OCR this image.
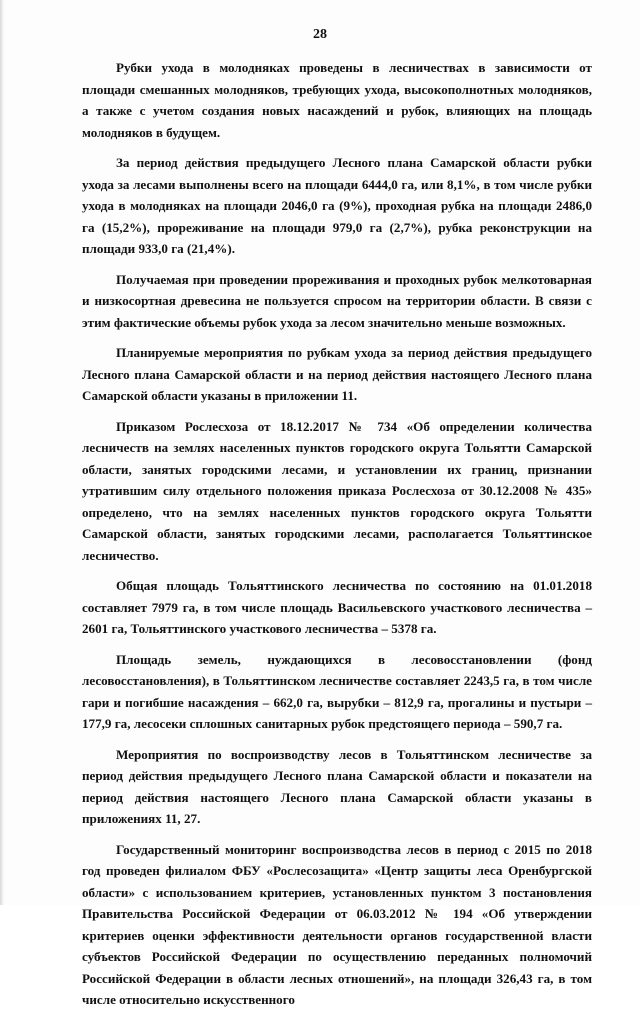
28

Рубки ухода в молодняках проведены в лесничествах в зависимости от площади смешанных молодняков, требующих ухода, высокополнотных молодняков, а также с учетом создания новых насаждений и рубок, влияющих на площадь молодняков в будущем.

За период действия предыдущего Лесного плана Самарской области рубки ухода за лесами выполнены всего на площади 6444,0 га, или 8,1%, в том числе рубки ухода в молодняках на площади 2046,0 га (9%), проходная рубка на площади 2486,0 га (15,2%), прореживание на площади 979,0 га (2,7%), рубка реконструкции на площади 933,0 га (21,4%).

Получаемая при проведении прореживания и проходных рубок мелкотоварная и низкосортная древесина не пользуется спросом на территории области. В связи с этим фактические объемы рубок ухода за лесом значительно меньше возможных.

Планируемые мероприятия по рубкам ухода за период действия предыдущего Лесного плана Самарской области и на период действия настоящего Лесного плана Самарской области указаны в приложении 11.

Приказом Рослесхоза от 18.12.2017 № 734 «Об определении количества лесничеств на землях населенных пунктов городского округа Тольятти Самарской области, занятых городскими лесами, и установлении их границ, признании утратившим силу отдельного положения приказа Рослесхоза от 30.12.2008 № 435» определено, что на землях населенных пунктов городского округа Тольятти Самарской области, занятых городскими лесами, располагается Тольяттинское лесничество.

Общая площадь Тольяттинского лесничества по состоянию на 01.01.2018 составляет 7979 га, в том числе площадь Васильевского участкового лесничества – 2601 га, Тольяттинского участкового лесничества – 5378 га.

Площадь земель, нуждающихся в лесовосстановлении (фонд лесовосстановления), в Тольяттинском лесничестве составляет 2243,5 га, в том числе гари и погибшие насаждения – 662,0 га, вырубки – 812,9 га, прогалины и пустыри – 177,9 га, лесосеки сплошных санитарных рубок предстоящего периода – 590,7 га.

Мероприятия по воспроизводству лесов в Тольяттинском лесничестве за период действия предыдущего Лесного плана Самарской области и показатели на период действия настоящего Лесного плана Самарской области указаны в приложениях 11, 27.

Государственный мониторинг воспроизводства лесов в период с 2015 по 2018 год проведен филиалом ФБУ «Рослесозащита» «Центр защиты леса Оренбургской области» с использованием критериев, установленных пунктом 3 постановления Правительства Российской Федерации от 06.03.2012 № 194 «Об утверждении критериев оценки эффективности деятельности органов государственной власти субъектов Российской Федерации по осуществлению переданных полномочий Российской Федерации в области лесных отношений», на площади 326,43 га, в том числе относительно искусственного
